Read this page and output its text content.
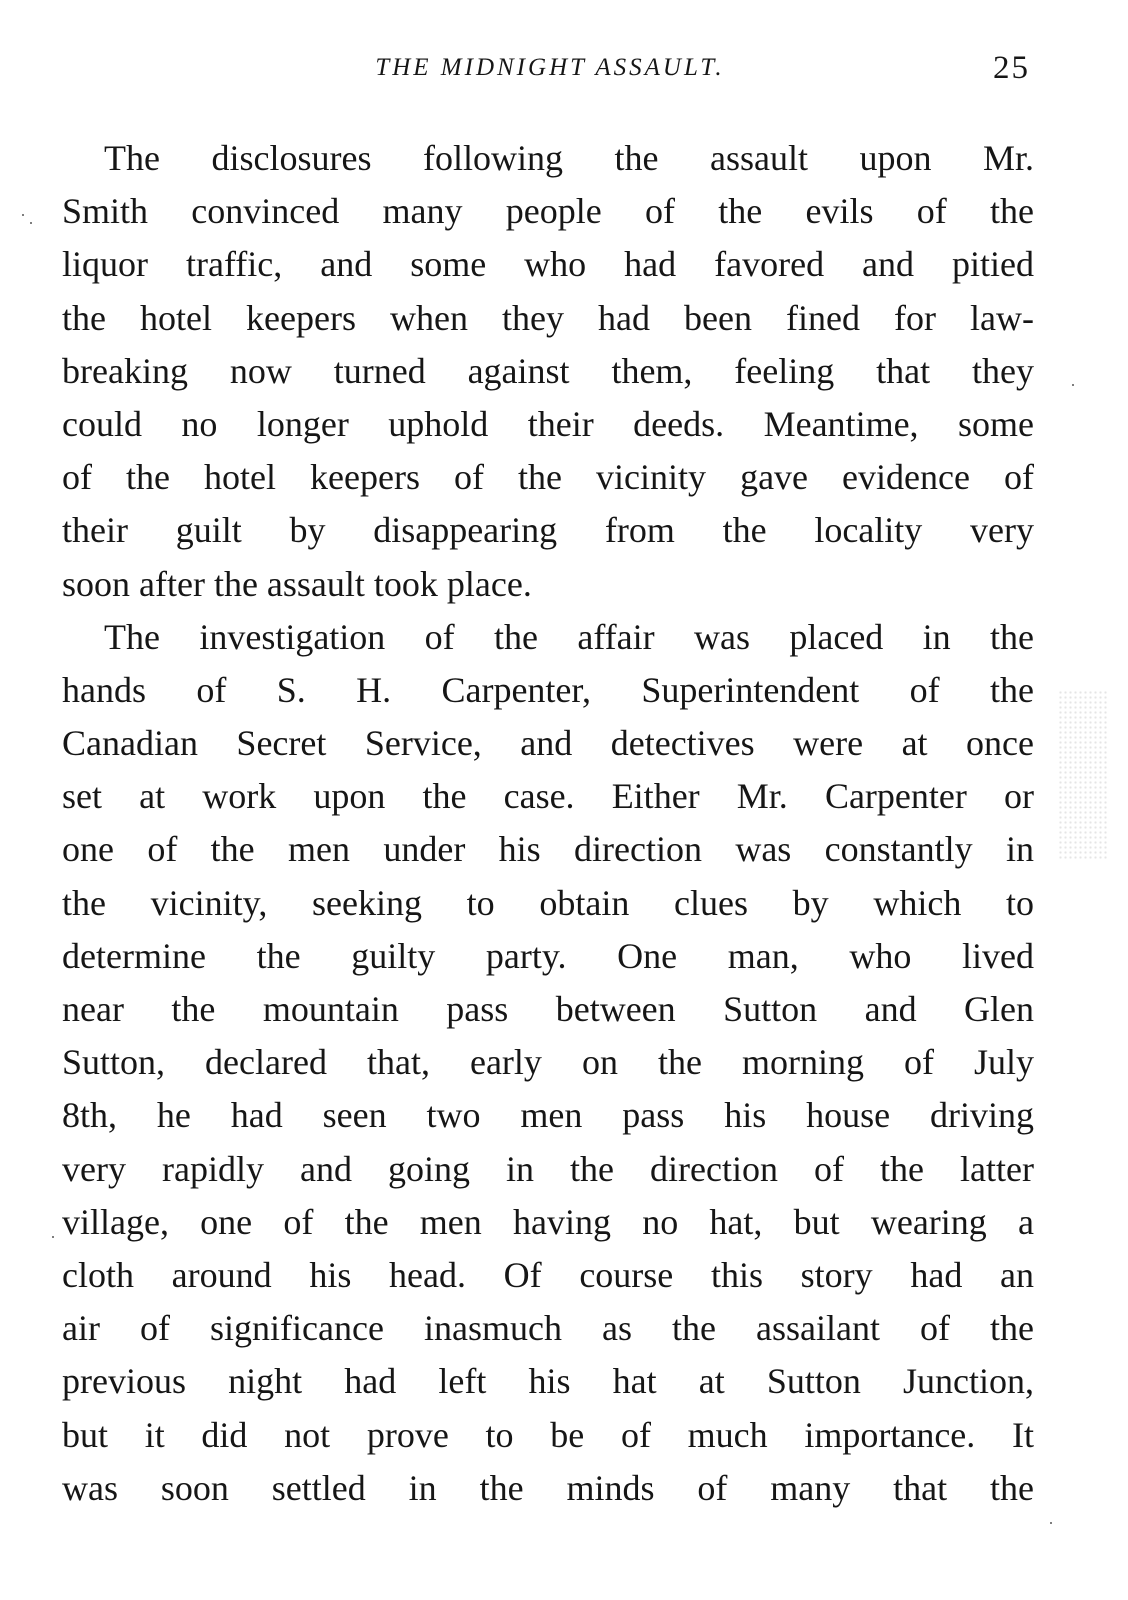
THE MIDNIGHT ASSAULT.	25
The disclosures following the assault upon Mr.
Smith convinced many people of the evils of the
liquor traffic, and some who had favored and pitied
the hotel keepers when they had been fined for law-
breaking now turned against them, feeling that they
could no longer uphold their deeds. Meantime, some
of the hotel keepers of the vicinity gave evidence of
their guilt by disappearing from the locality very
soon after the assault took place.
The investigation of the affair was placed in the
hands of S. H. Carpenter, Superintendent of the
Canadian Secret Service, and detectives were at once
set at work upon the case. Either Mr. Carpenter or
one of the men under his direction was constantly in
the vicinity, seeking to obtain clues by which to
determine the guilty party. One man, who lived
near the mountain pass between Sutton and Glen
Sutton, declared that, early on the morning of July
8th, he had seen two men pass his house driving
very rapidly and going in the direction of the latter
village, one of the men having no hat, but wearing a
cloth around his head. Of course this story had an
air of significance inasmuch as the assailant of the
previous night had left his hat at Sutton Junction,
but it did not prove to be of much importance. It
was soon settled in the minds of many that the
